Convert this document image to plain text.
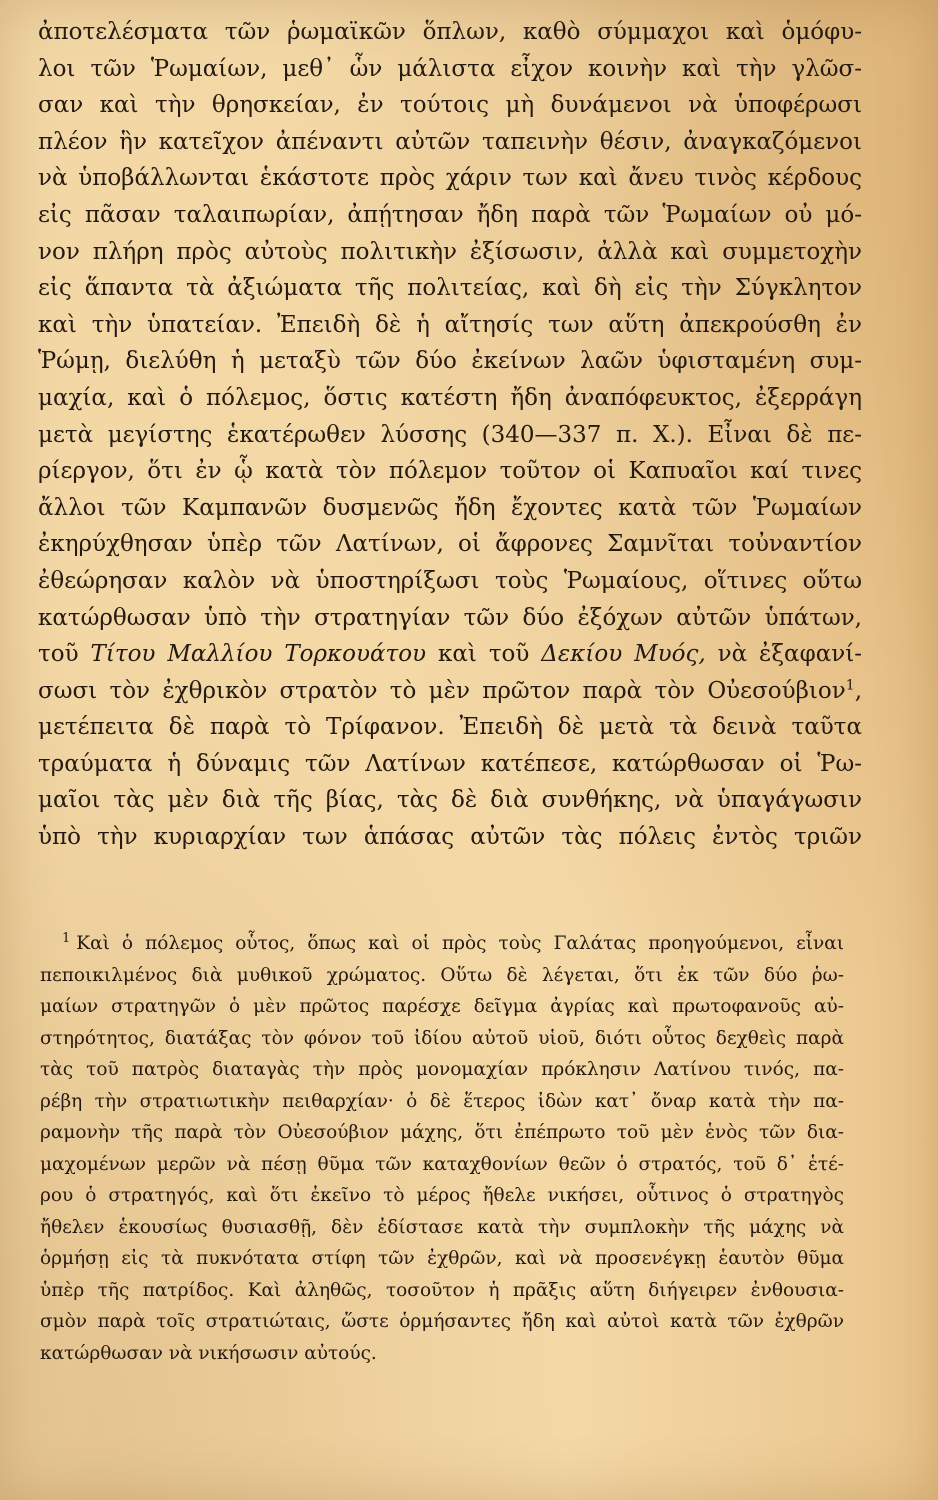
ἀποτελέσματα τῶν ῥωμαϊκῶν ὅπλων, καθὸ σύμμαχοι καὶ ὁμόφυ-
λοι τῶν Ῥωμαίων, μεθ᾽ ὧν μάλιστα εἶχον κοινὴν καὶ τὴν γλῶσ-
σαν καὶ τὴν θρησκείαν, ἐν τούτοις μὴ δυνάμενοι νὰ ὑποφέρωσι
πλέον ἣν κατεῖχον ἀπέναντι αὐτῶν ταπεινὴν θέσιν, ἀναγκαζόμενοι
νὰ ὑποβάλλωνται ἑκάστοτε πρὸς χάριν των καὶ ἄνευ τινὸς κέρδους
εἰς πᾶσαν ταλαιπωρίαν, ἀπῄτησαν ἤδη παρὰ τῶν Ῥωμαίων οὐ μό-
νον πλήρη πρὸς αὐτοὺς πολιτικὴν ἐξίσωσιν, ἀλλὰ καὶ συμμετοχὴν
εἰς ἅπαντα τὰ ἀξιώματα τῆς πολιτείας, καὶ δὴ εἰς τὴν Σύγκλητον
καὶ τὴν ὑπατείαν. Ἐπειδὴ δὲ ἡ αἴτησίς των αὕτη ἀπεκρούσθη ἐν
Ῥώμῃ, διελύθη ἡ μεταξὺ τῶν δύο ἐκείνων λαῶν ὑφισταμένη συμ-
μαχία, καὶ ὁ πόλεμος, ὅστις κατέστη ἤδη ἀναπόφευκτος, ἐξερράγη
μετὰ μεγίστης ἑκατέρωθεν λύσσης (340—337 π. Χ.). Εἶναι δὲ πε-
ρίεργον, ὅτι ἐν ᾧ κατὰ τὸν πόλεμον τοῦτον οἱ Καπυαῖοι καί τινες
ἄλλοι τῶν Καμπανῶν δυσμενῶς ἤδη ἔχοντες κατὰ τῶν Ῥωμαίων
ἐκηρύχθησαν ὑπὲρ τῶν Λατίνων, οἱ ἄφρονες Σαμνῖται τοὐναντίον
ἐθεώρησαν καλὸν νὰ ὑποστηρίξωσι τοὺς Ῥωμαίους, οἵτινες οὕτω
κατώρθωσαν ὑπὸ τὴν στρατηγίαν τῶν δύο ἐξόχων αὐτῶν ὑπάτων,
τοῦ Τίτου Μαλλίου Τορκουάτου καὶ τοῦ Δεκίου Μυός, νὰ ἐξαφανί-
σωσι τὸν ἐχθρικὸν στρατὸν τὸ μὲν πρῶτον παρὰ τὸν Οὐεσούβιον$^1$,
μετέπειτα δὲ παρὰ τὸ Τρίφανον. Ἐπειδὴ δὲ μετὰ τὰ δεινὰ ταῦτα
τραύματα ἡ δύναμις τῶν Λατίνων κατέπεσε, κατώρθωσαν οἱ Ῥω-
μαῖοι τὰς μὲν διὰ τῆς βίας, τὰς δὲ διὰ συνθήκης, νὰ ὑπαγάγωσιν
ὑπὸ τὴν κυριαρχίαν των ἁπάσας αὐτῶν τὰς πόλεις ἐντὸς τριῶν
$^1$ Καὶ ὁ πόλεμος οὗτος, ὅπως καὶ οἱ πρὸς τοὺς Γαλάτας προηγούμενοι, εἶναι
πεποικιλμένος διὰ μυθικοῦ χρώματος. Οὕτω δὲ λέγεται, ὅτι ἐκ τῶν δύο ῥω-
μαίων στρατηγῶν ὁ μὲν πρῶτος παρέσχε δεῖγμα ἀγρίας καὶ πρωτοφανοῦς αὐ-
στηρότητος, διατάξας τὸν φόνον τοῦ ἰδίου αὐτοῦ υἱοῦ, διότι οὗτος δεχθεὶς παρὰ
τὰς τοῦ πατρὸς διαταγὰς τὴν πρὸς μονομαχίαν πρόκλησιν Λατίνου τινός, πα-
ρέβη τὴν στρατιωτικὴν πειθαρχίαν· ὁ δὲ ἕτερος ἰδὼν κατ᾽ ὄναρ κατὰ τὴν πα-
ραμονὴν τῆς παρὰ τὸν Οὐεσούβιον μάχης, ὅτι ἐπέπρωτο τοῦ μὲν ἑνὸς τῶν δια-
μαχομένων μερῶν νὰ πέσῃ θῦμα τῶν καταχθονίων θεῶν ὁ στρατός, τοῦ δ᾽ ἑτέ-
ρου ὁ στρατηγός, καὶ ὅτι ἐκεῖνο τὸ μέρος ἤθελε νικήσει, οὗτινος ὁ στρατηγὸς
ἤθελεν ἑκουσίως θυσιασθῇ, δὲν ἐδίστασε κατὰ τὴν συμπλοκὴν τῆς μάχης νὰ
ὁρμήσῃ εἰς τὰ πυκνότατα στίφη τῶν ἐχθρῶν, καὶ νὰ προσενέγκῃ ἑαυτὸν θῦμα
ὑπὲρ τῆς πατρίδος. Καὶ ἀληθῶς, τοσοῦτον ἡ πρᾶξις αὕτη διήγειρεν ἐνθουσια-
σμὸν παρὰ τοῖς στρατιώταις, ὥστε ὁρμήσαντες ἤδη καὶ αὐτοὶ κατὰ τῶν ἐχθρῶν
κατώρθωσαν νὰ νικήσωσιν αὐτούς.
